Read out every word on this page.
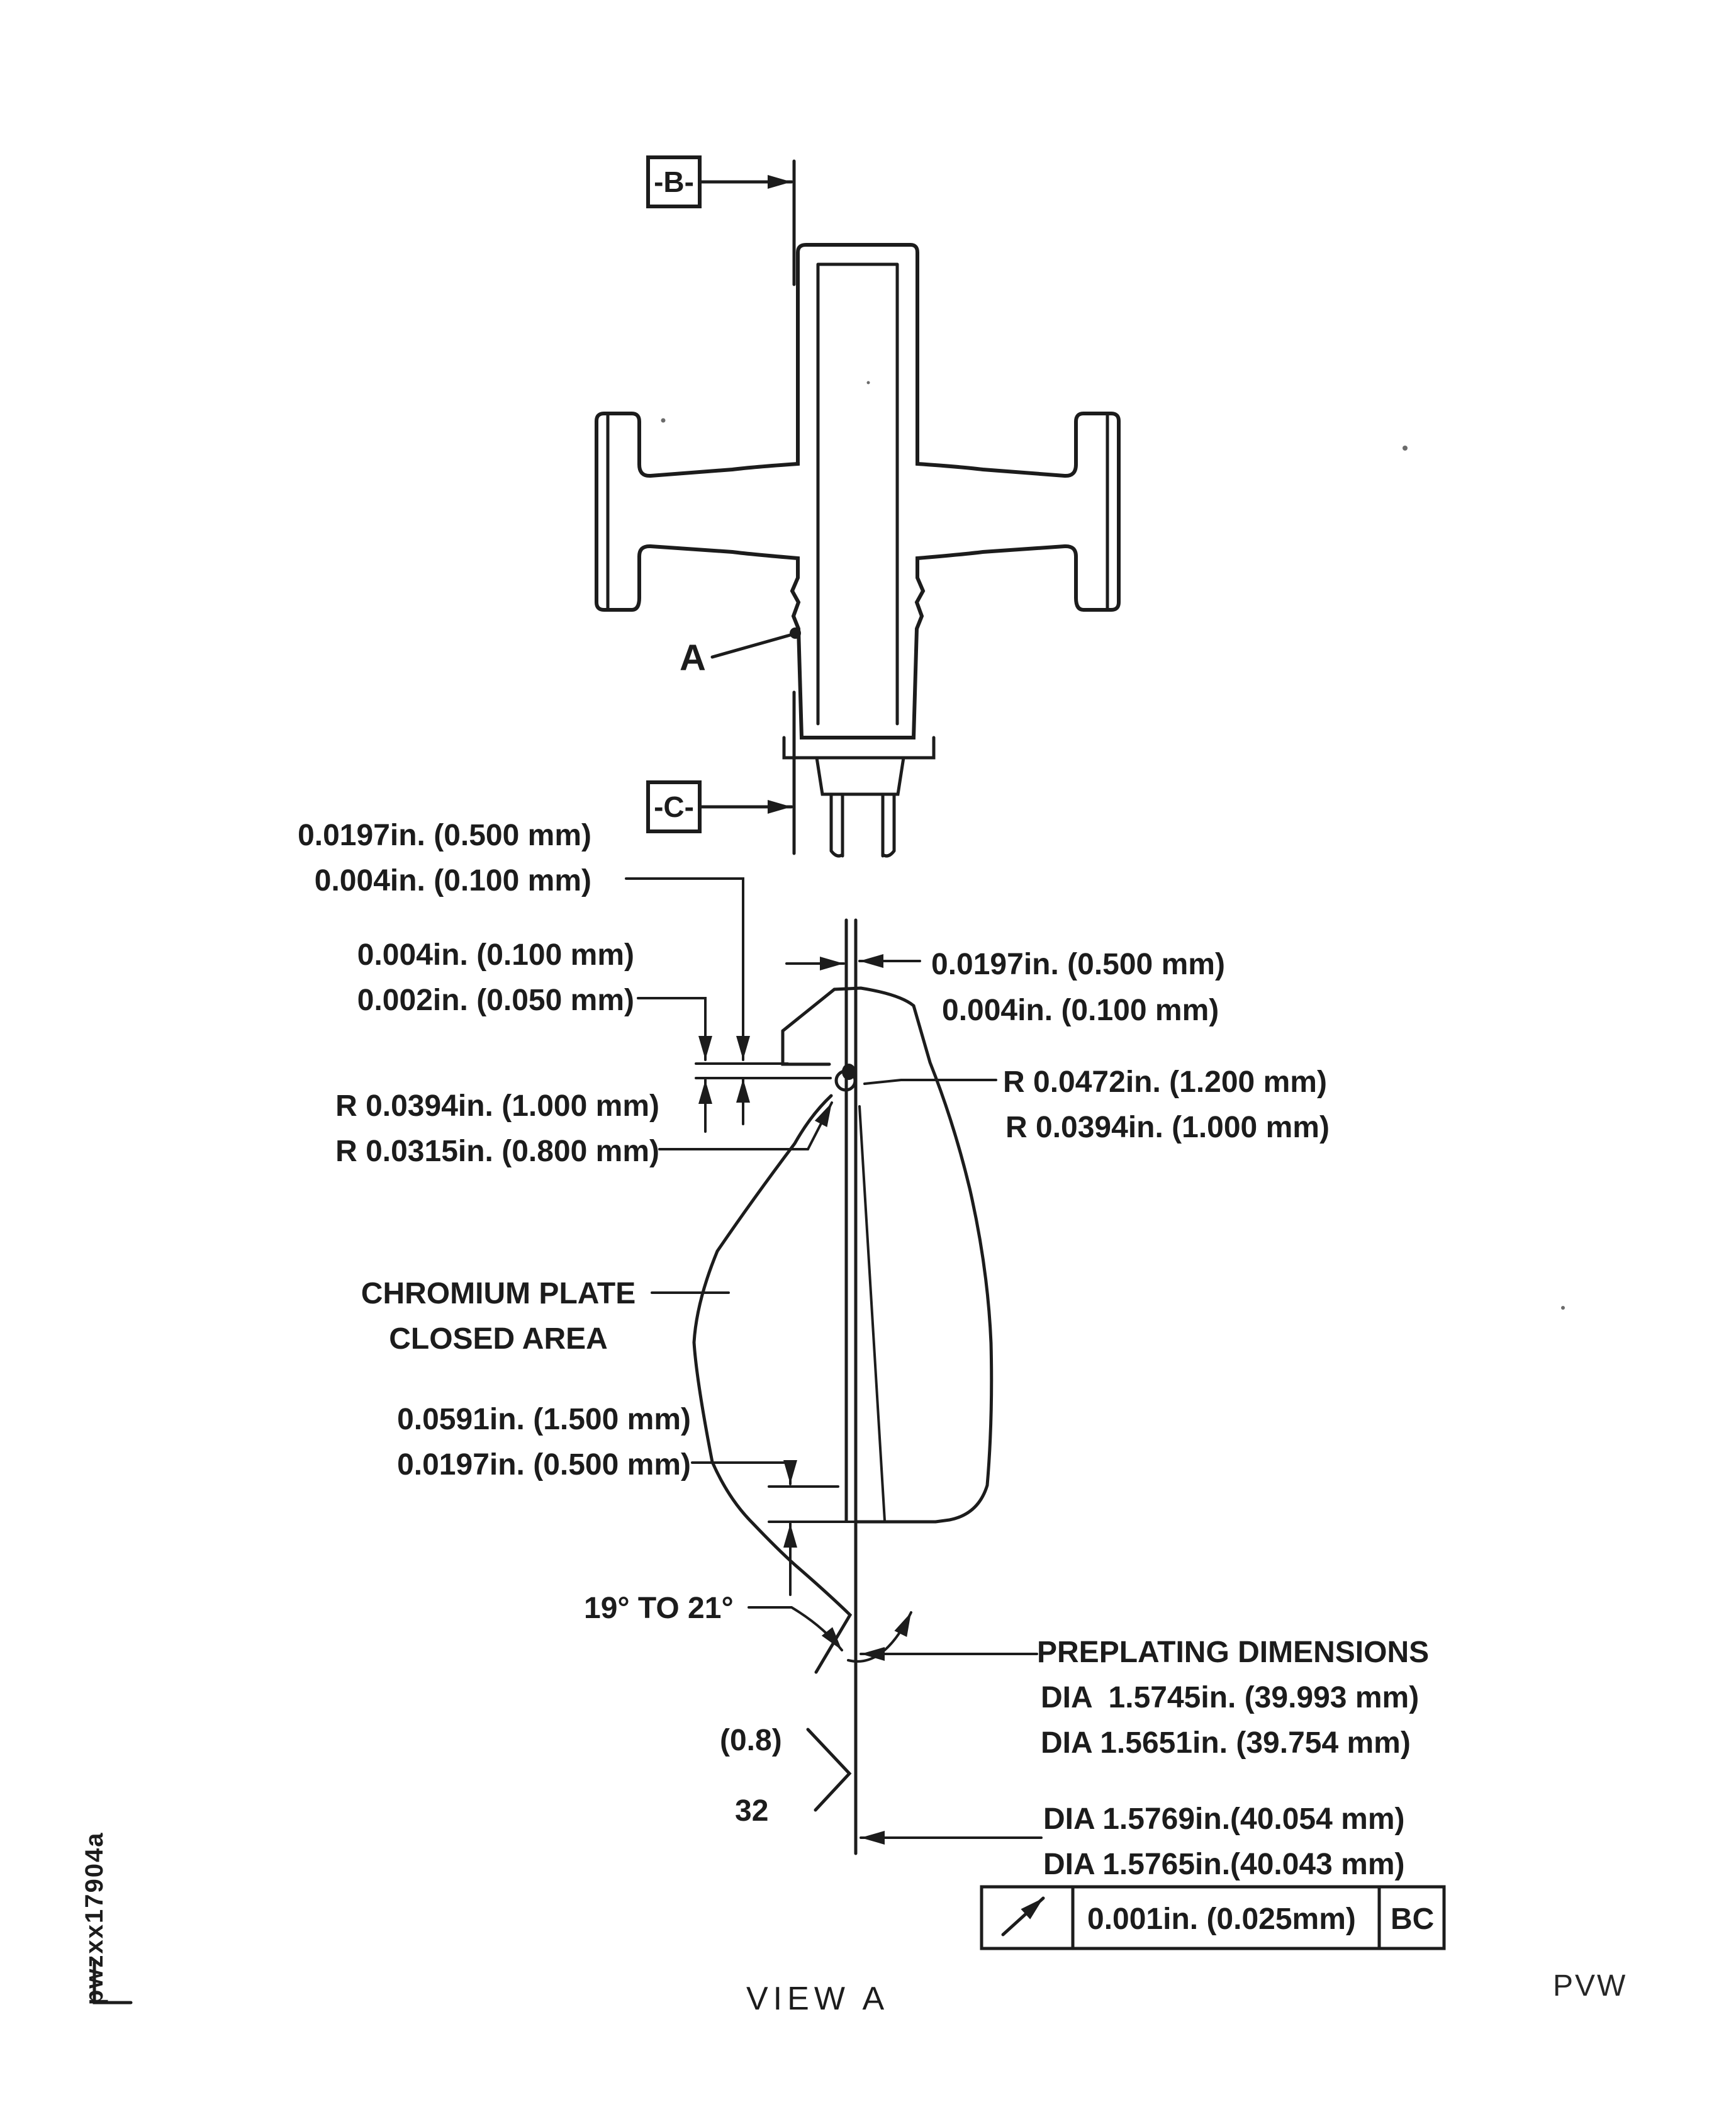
-B-
-C-
A
0.0197in. (0.500 mm)
0.004in. (0.100 mm)
0.004in. (0.100 mm)
0.002in. (0.050 mm)
R 0.0394in. (1.000 mm)
R 0.0315in. (0.800 mm)
0.0197in. (0.500 mm)
0.004in. (0.100 mm)
R 0.0472in. (1.200 mm)
R 0.0394in. (1.000 mm)
CHROMIUM PLATE
CLOSED AREA
0.0591in. (1.500 mm)
0.0197in. (0.500 mm)
19° TO 21°
(0.8)
32
PREPLATING DIMENSIONS
DIA  1.5745in. (39.993 mm)
DIA 1.5651in. (39.754 mm)
DIA 1.5769in.(40.054 mm)
DIA 1.5765in.(40.043 mm)
0.001in. (0.025mm) BC
VIEW A
pwzxx17904a	PVW
